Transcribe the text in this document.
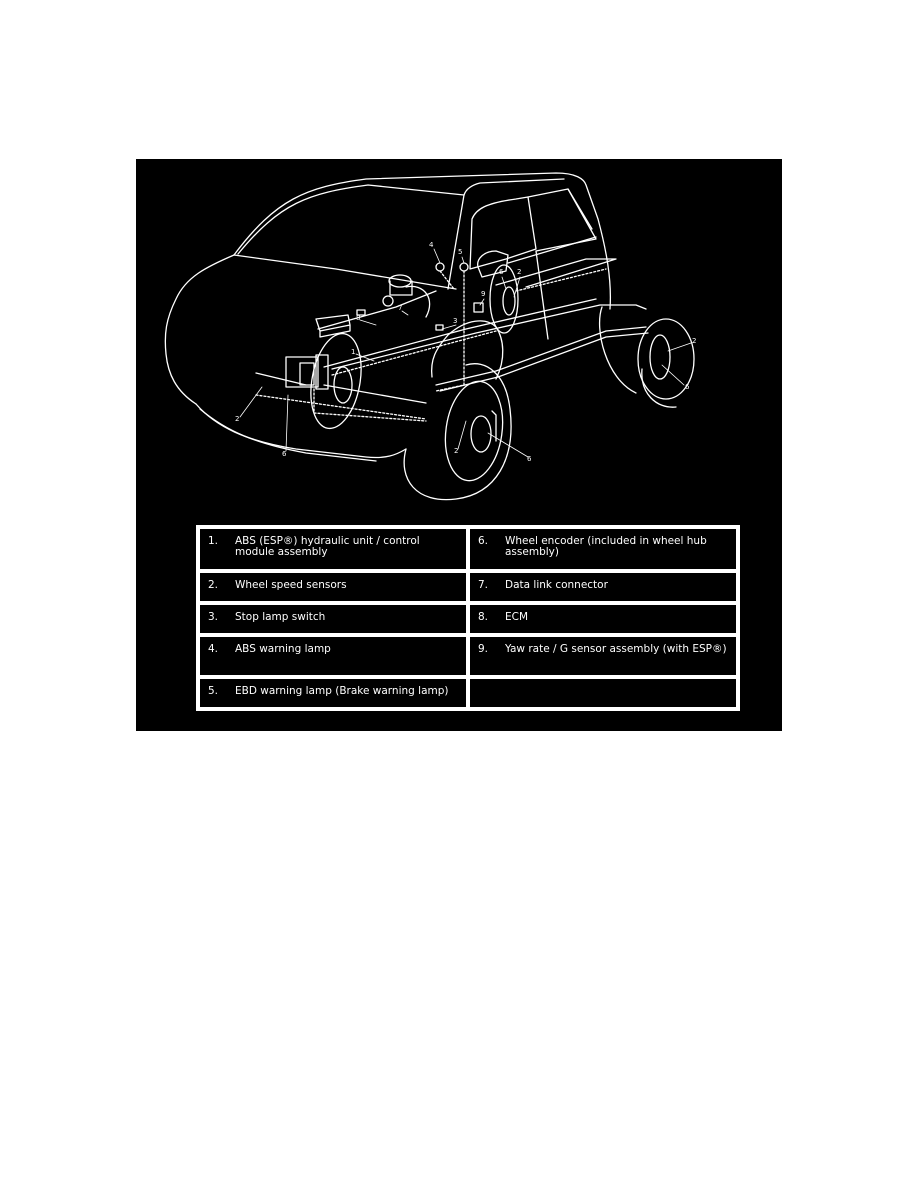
1
2
2
2
2
3
4
5
6
6
6
6
7
8
9
1. ABS (ESP®) hydraulic unit / control module assembly	6. Wheel encoder (included in wheel hub assembly)

2. Wheel speed sensors	7. Data link connector

3. Stop lamp switch	8. ECM

4. ABS warning lamp	9. Yaw rate / G sensor assembly (with ESP®)

5. EBD warning lamp (Brake warning lamp)	
